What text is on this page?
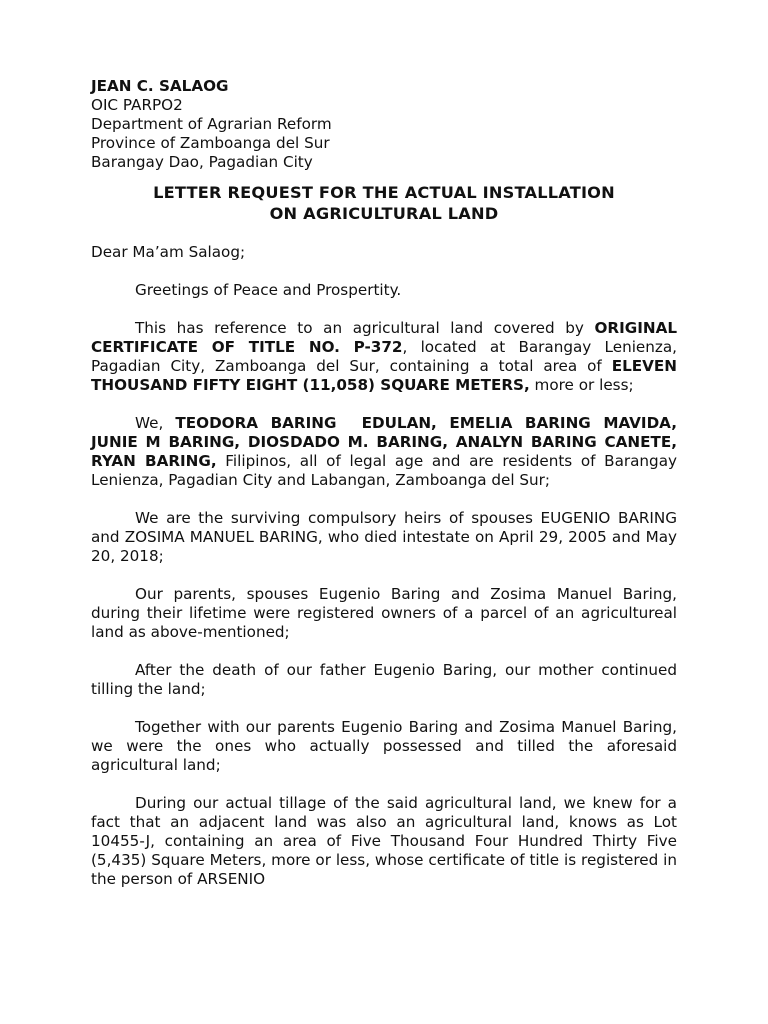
JEAN C. SALAOG
OIC PARPO2
Department of Agrarian Reform
Province of Zamboanga del Sur
Barangay Dao, Pagadian City
LETTER REQUEST FOR THE ACTUAL INSTALLATION
ON AGRICULTURAL LAND
Dear Ma’am Salaog;
Greetings of Peace and Prospertity.
This has reference to an agricultural land covered by ORIGINAL CERTIFICATE OF TITLE NO. P-372, located at Barangay Lenienza, Pagadian City, Zamboanga del Sur, containing a total area of ELEVEN THOUSAND FIFTY EIGHT (11,058) SQUARE METERS, more or less;
We, TEODORA BARING  EDULAN, EMELIA BARING MAVIDA, JUNIE M BARING, DIOSDADO M. BARING, ANALYN BARING CANETE, RYAN BARING, Filipinos, all of legal age and are residents of Barangay Lenienza, Pagadian City and Labangan, Zamboanga del Sur;
We are the surviving compulsory heirs of spouses EUGENIO BARING and ZOSIMA MANUEL BARING, who died intestate on April 29, 2005 and May 20, 2018;
Our parents, spouses Eugenio Baring and Zosima Manuel Baring, during their lifetime were registered owners of a parcel of an agricultureal land as above-mentioned;
After the death of our father Eugenio Baring, our mother continued tilling the land;
Together with our parents Eugenio Baring and Zosima Manuel Baring, we were the ones who actually possessed and tilled the aforesaid agricultural land;
During our actual tillage of the said agricultural land, we knew for a fact that an adjacent land was also an agricultural land, knows as Lot 10455-J, containing an area of Five Thousand Four Hundred Thirty Five (5,435) Square Meters, more or less, whose certificate of title is registered in the person of ARSENIO
